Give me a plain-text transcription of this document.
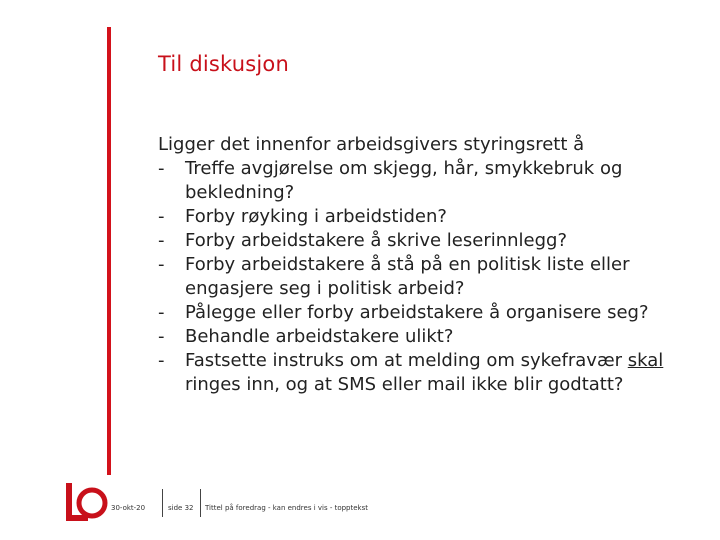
Til diskusjon
Ligger det innenfor arbeidsgivers styringsrett å
- Treffe avgjørelse om skjegg, hår, smykkebruk og bekledning?
- Forby røyking i arbeidstiden?
- Forby arbeidstakere å skrive leserinnlegg?
- Forby arbeidstakere å stå på en politisk liste eller engasjere seg i politisk arbeid?
- Pålegge eller forby arbeidstakere å organisere seg?
- Behandle arbeidstakere ulikt?
- Fastsette instruks om at melding om sykefravær skal ringes inn, og at SMS eller mail ikke blir godtatt?
30-okt-20	side 32 Tittel på foredrag - kan endres i vis - topptekst
